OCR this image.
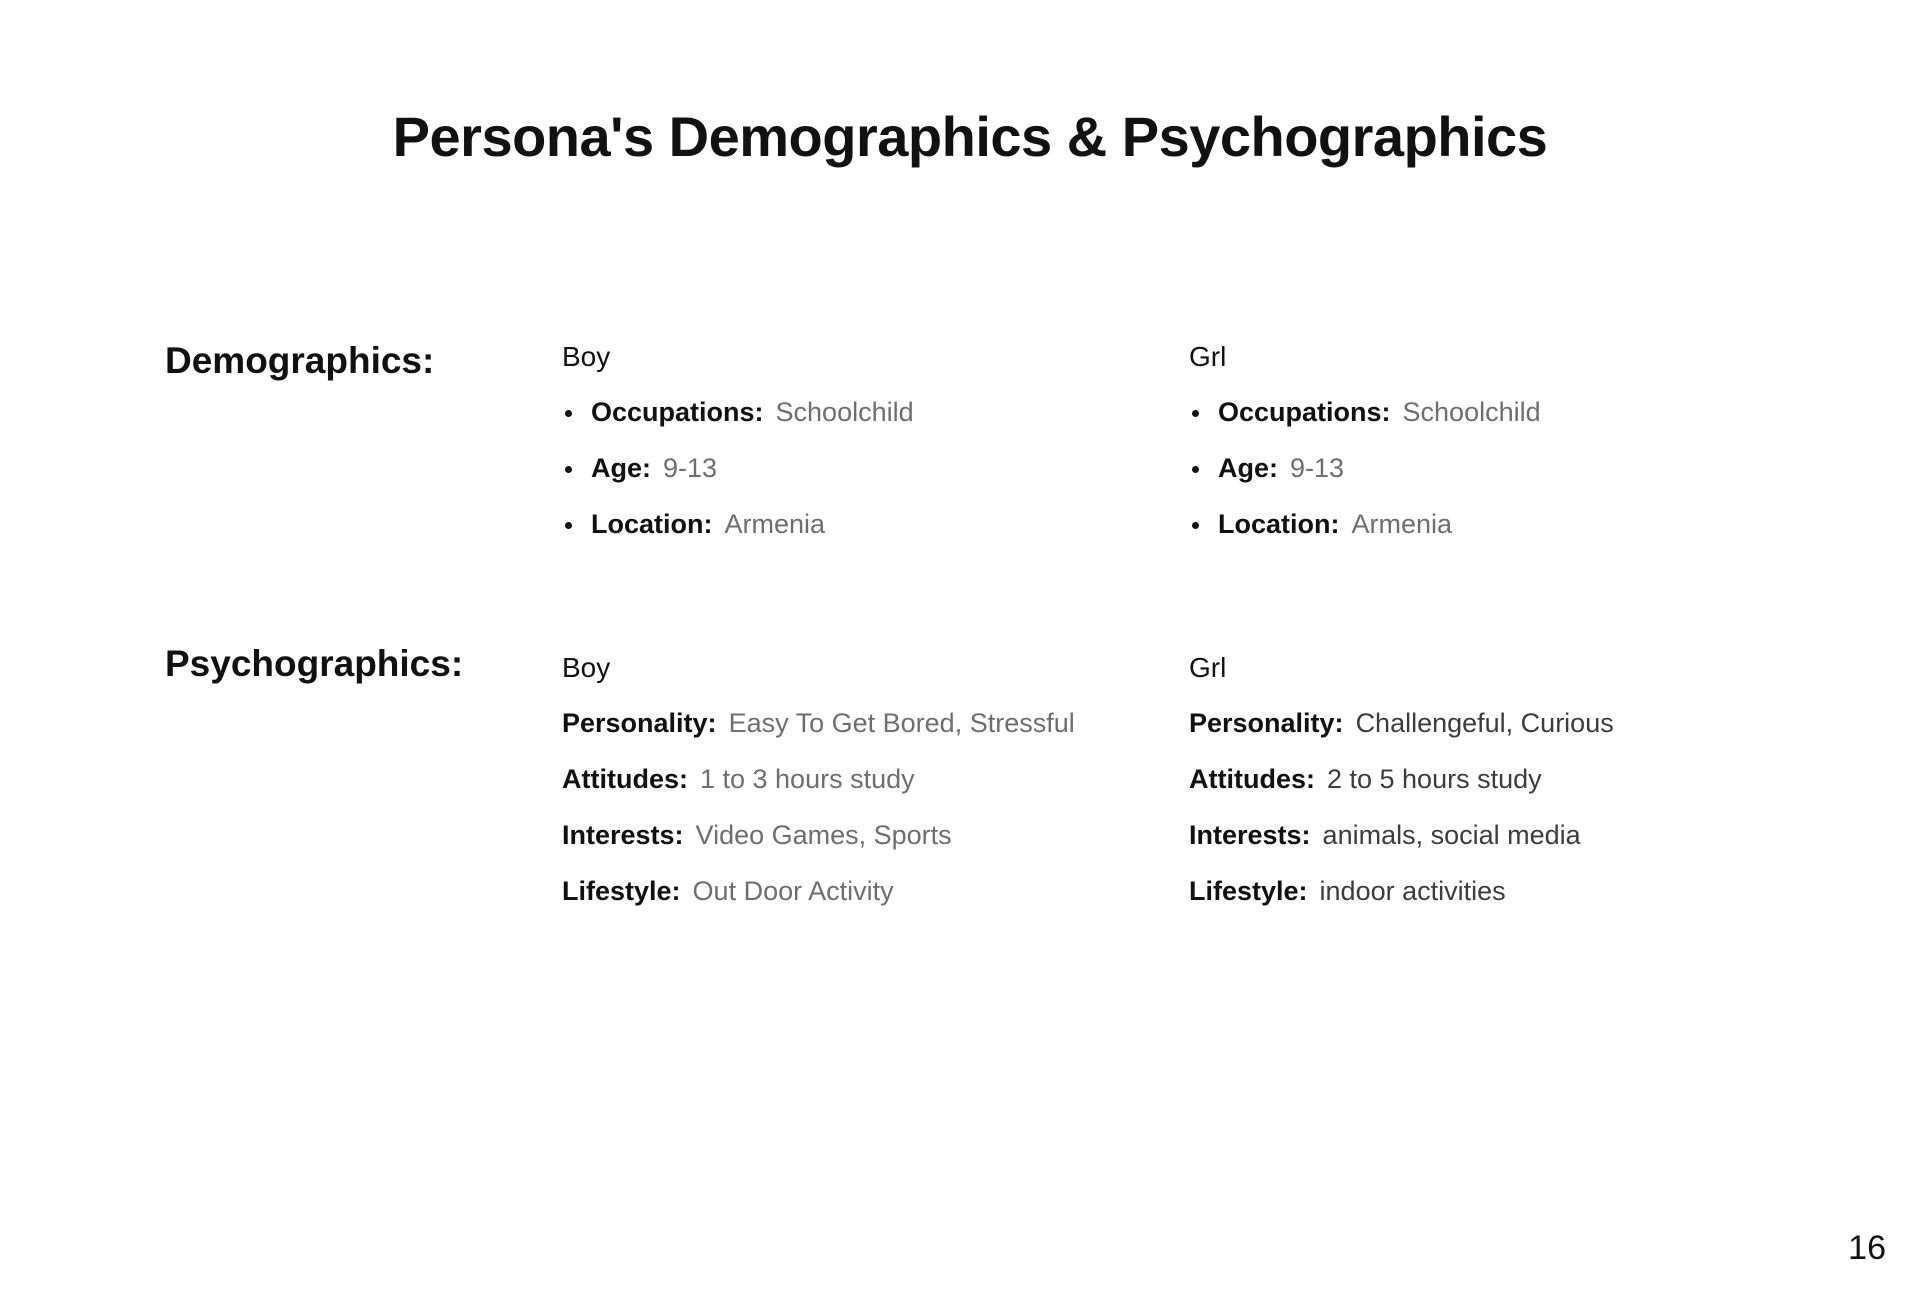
Persona's Demographics & Psychographics
Demographics:	Boy
Occupations: Schoolchild
Age: 9-13
Location: Armenia
Grl
Occupations: Schoolchild
Age: 9-13
Location: Armenia
Psychographics:	Boy
Personality: Easy To Get Bored, Stressful
Attitudes: 1 to 3 hours study
Interests: Video Games, Sports
Lifestyle: Out Door Activity
Grl
Personality: Challengeful, Curious
Attitudes: 2 to 5 hours study
Interests: animals, social media
Lifestyle: indoor activities
16
